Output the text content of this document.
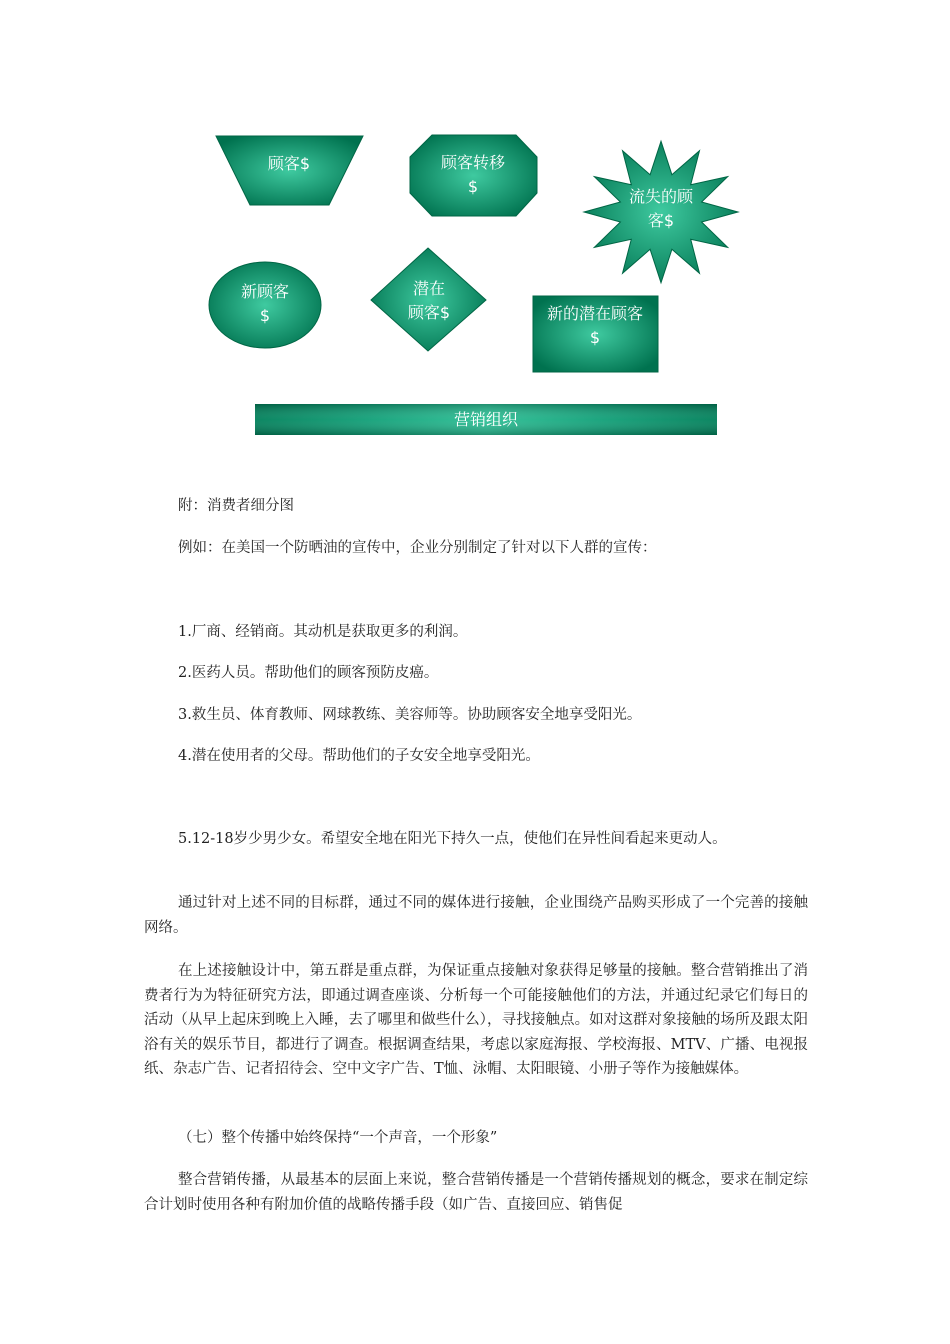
顾客$	顾客转移
$
流失的顾
客$
新顾客
$
潜在
顾客$	新的潜在顾客
$
营销组织
附：消费者细分图
例如：在美国一个防晒油的宣传中，企业分别制定了针对以下人群的宣传：
1.厂商、经销商。其动机是获取更多的利润。
2.医药人员。帮助他们的顾客预防皮癌。
3.救生员、体育教师、网球教练、美容师等。协助顾客安全地享受阳光。
4.潜在使用者的父母。帮助他们的子女安全地享受阳光。
5.12-18岁少男少女。希望安全地在阳光下持久一点，使他们在异性间看起来更动人。
通过针对上述不同的目标群，通过不同的媒体进行接触，企业围绕产品购买形成了一个完善的接触网络。
在上述接触设计中，第五群是重点群，为保证重点接触对象获得足够量的接触。整合营销推出了消费者行为为特征研究方法，即通过调查座谈、分析每一个可能接触他们的方法，并通过纪录它们每日的活动（从早上起床到晚上入睡，去了哪里和做些什么），寻找接触点。如对这群对象接触的场所及跟太阳浴有关的娱乐节目，都进行了调查。根据调查结果，考虑以家庭海报、学校海报、MTV、广播、电视报纸、杂志广告、记者招待会、空中文字广告、T恤、泳帽、太阳眼镜、小册子等作为接触媒体。
（七）整个传播中始终保持“一个声音，一个形象”
整合营销传播，从最基本的层面上来说，整合营销传播是一个营销传播规划的概念，要求在制定综合计划时使用各种有附加价值的战略传播手段（如广告、直接回应、销售促
